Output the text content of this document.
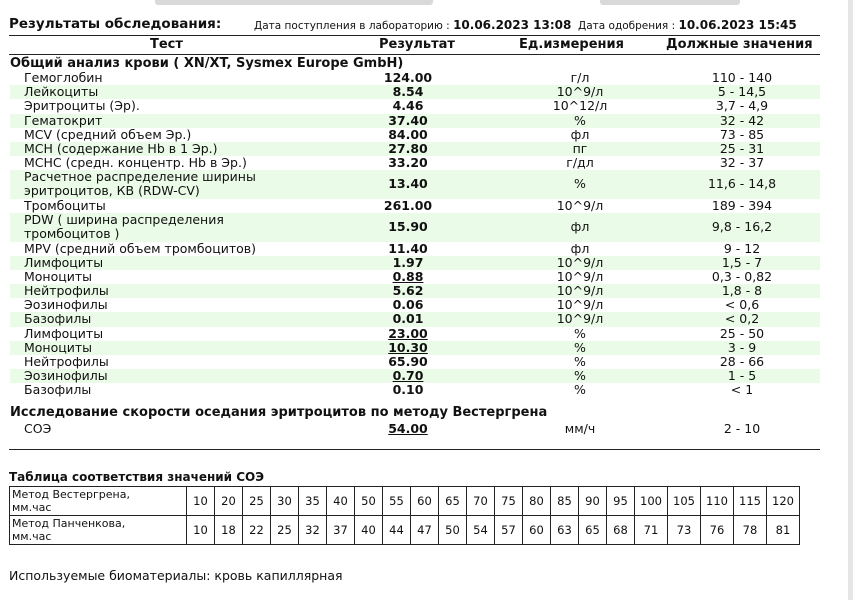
Результаты обследования:	Дата поступления в лабораторию : 10.06.2023 13:08 Дата одобрения : 10.06.2023 15:45
Тест	Результат	Ед.измерения	Должные значения
Общий анализ крови ( XN/XT, Sysmex Europe GmbH)
Гемоглобин	124.00	г/л	110 - 140
Лейкоциты	8.54	10^9/л	5 - 14,5
Эритроциты (Эр).	4.46	10^12/л	3,7 - 4,9
Гематокрит	37.40	%	32 - 42
MCV (средний объем Эр.)	84.00	фл	73 - 85
MCH (содержание Hb в 1 Эр.)	27.80	пг	25 - 31
MCHC (средн. концентр. Hb в Эр.)	33.20	г/дл	32 - 37
Расчетное распределение ширины
эритроцитов, КВ (RDW-CV)	13.40	%	11,6 - 14,8
Тромбоциты	261.00	10^9/л	189 - 394
PDW ( ширина распределения
тромбоцитов )	15.90	фл	9,8 - 16,2
MPV (средний объем тромбоцитов)	11.40	фл	9 - 12
Лимфоциты	1.97	10^9/л	1,5 - 7
Моноциты	0.88	10^9/л	0,3 - 0,82
Нейтрофилы	5.62	10^9/л	1,8 - 8
Эозинофилы	0.06	10^9/л	< 0,6
Базофилы	0.01	10^9/л	< 0,2
Лимфоциты	23.00	%	25 - 50
Моноциты	10.30	%	3 - 9
Нейтрофилы	65.90	%	28 - 66
Эозинофилы	0.70	%	1 - 5
Базофилы	0.10	%	< 1
Исследование скорости оседания эритроцитов по методу Вестергрена
СОЭ	54.00	мм/ч	2 - 10
Таблица соответствия значений СОЭ
Метод Вестергрена,
мм.час	10	20	25	30	35	40	50	55	60	65	70	75	80	85	90	95	100	105	110	115	120
Метод Панченкова,
мм.час	10	18	22	25	32	37	40	44	47	50	54	57	60	63	65	68	71	73	76	78	81
Используемые биоматериалы: кровь капиллярная
